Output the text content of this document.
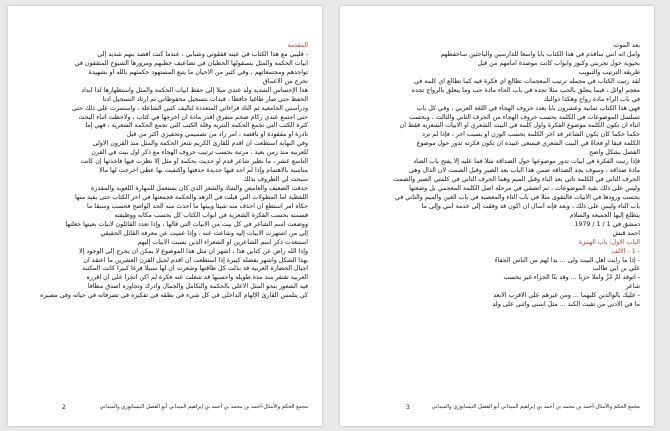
المقدمة
- قليبي مع هذا الكتاب في عينه قفقوتي وشبابي ، عندما كنت أقصد بنهم شديد إلى
أبيات الحكمة والمثل بسبقولها الحظيان في تضاعيف خطبهم ومرورها الشيوخ المتقفون في
تواجدهم ومجتمعاتهم ، وفي كثير من الأحيان ما يتبع المستهود حكمتهم بالله أو بشهيدة
تخرج من الأعماق
هذا الإحساس الشديد ولد عندي ميلاً إلى حفظ أبيات الحكمة والمثل واستظهارها لدا ابداد
الحفظ حتى صار طاغياً حافظاً ، فبدأت بتسجيل محفوظاتي ثم ارتاد التسجيل أدتا
ودراستي الجامعية ثم ألتاد قراءاتي المتعددة لتأليف كتبي الشاعلة ، واستمرت على ذلك حتى
حتى اجتمع عندي ركام ضخم متفرق أقدر مادة أن أخرجها في كتاب ، ولاحظت أثناء البحث
كثرة الكتب التي تجمع الحكمة النثرية وقلة الكتب التي تجمع الحكمة الشعرية ، فهي إما
نادرة أو مفقودة أو ناقصة ، أمر زاد من تصميمي وتحفيزي أكثر من قبل
وفي النهاية استطعت أن أقدم للقارئ الكريم شعر الحكمة والمثل منذ القرون الأولى
للعربية منذ زمن بعيد ، مرتبة بحسب ترتيب حروف الهجاء مع ذكر أول بيت في القرن
التاسع عشر ، ما نظير شاعر قدم أو حديث بحكمة أو مثل إلا نظرت فيها فأخذتها إن كانت
مناسبة بالاهتمام وإذا لم أجد فيها جديدة حذفتها واكتفيت بها عطي أخرجت لها مالا
سبحت لي الظروف بذلك
حذفت الضعيف والغامض والشاذ والشعر الذي كان يستعمل للمهارة اللغوية والمقدرة
اللفظية أما المطولات التي قيلت في الزهد والحكمة فجمعتها في آخر الكتاب حتى يفيد منها
حكاه أمر أستطع أن أحذف منه شيئاً وبيتها ما أحدث منه الحد الواضح فحسب وسبقا ما
قسمته بحسب الفكرة الشعرية في أبواب الكتاب كل بحسب مكانه ووظيفته
ووضعت اسم الشاعر في كل بيت من الأبيات التي قالها ، وإذا تعدد القائلون لأبيات بعينها جعلتها
إلى من اشتهرت الأبيات إليه وشاعت عنه ، وإذا عميت عن معرفة القائل الحقيقي
استبعدت ذكر اسم الشاعرين أو الشعراء الذين نسبت الأبيات إليهم
وإذا الله راض عن كتابي هذا ، أشهر أن مثل هذا الموضوع لا يمكن أن يخرج إلى الوجود إلا
بهذا الشكل وأشهر بفضله كبيرة إذا استطعت أن أقدم لجيل القرن العشرين ما أعتقد أن
أجيال الحضارة العربية قد بذلت كل طاقتها وشعرت أن لها سبيلاً فرغاً كبيراً كانت المكتبة
العربية تفتقر منذ مدة طويلة وأحسبها قد شغلت عنه فكرة لم أكن أتجرأ على أن أقرره
فيه الشعور بنحو المثل الأعلى بالحكمة والتكامل والجمال وأدرك وتجاوزه أصدق مطافاً
كي يتلمس القارئ الإلهام الداخلي في كل شيء في بطقه في تفكيره في تصرفاته في حياته وفي مصيره
2	مجمع الحكم والأمثال-أحمد بن محمد بن أحمد بن إبراهيم الميداني أبو الفضل النيسابوري والميداني
بعد الموت
وأمل أنه أنني سأقدم في هذا الكتاب بابا واسعا للدارسين والباحثين سأحفظهم
بحيوية حول تجربتي وكنوز وأبواب كانت موصدة أمامهم من قبل
طريقة الترتيب والتبويب
لقد رتبت الكتاب في مجمله ترتيب المعجمات تطالع أي فكرة فيه كما تطالع أي كلمة في
معجم أوائل ، فيما يتعلق بالحب مثلا تجده في باب الحاء مادة حب وما يتعلق بالرواج تجده
في باب الراء مادة زواج وهكذا دواليك
فهي هذا الكتاب ثمانية وعشرون باباً بعدد حروف الهجاء في اللغة العربي ، وفي كل باب
تسلسل الموضوعات في الكلمة بحسب حروف الهجاء من الحرف الثاني والثالث ، وبحسب
أثناء أن تكون الكلمة موضوع الفكرة وأول كلمة في البيت الشعري أو الأبيات الشعرية فقط أن
حكماً حكماً كأن تكون الشاعر قد أخر الكلمة بحسب الوزن أو بسبب آخر ، فإذا لم ترد
الكلمة فيقاً أو فجأةً في البيت الشعري فيسعى عبيده أن تكون فكرته تدور حول موضوع
الفصل بشكل واضح
فإذا رتبت الفكرة في أبيات تدور موضوعها حول الصداقة مثلاً فما عليه إلا يفتح باب الصاد
مادة صداقة ، وسوف يجد الصداقة ضمن هذا الباب بعد الصبر وقبل الصمت لأن الدال وهي
الحرف الثاني في الكلمة تأتي بعد الباء وقبل الميم وهما الحرف الثاني في كلمتي الصبر والصمت
وليس على ذلك بقية الموضوعات ، ثم أتصفي في مرحلة أصل الكلمة المعجمي بل وضعتها
بحسب ورودها في الأبيات فالتقوى مثلا في باب التاء والمعصية في باب العين والميم والتأني في
باب التاء وليس على ذلك ، وبعد فإنه أسأل أن أكون قد وفقت إلى خدمة أبني وإلى ما
يتطلع إليها الجميعة والسلام
دمشق في 1 / 1 / 1979
أحمد قبش
الباب الأول: باب الهمزة
- 1 - الألف
- إذا ما رأيت أهل البيت ولّى ... بدا لهم من الناس الجفاءُ
علي بن أبي طالب
- أتوقد أمَّ حُزّ وأملأ حزباً ... وقد بنّا الجزاء غير يحسب
شاعر
- عليك بالوالدين كليهما ... ومن غيرهم على الأقرب الأبعد
ما في الأدنى من تقيت الكبد ... مثلُ أسنى وأثنى على ولد
3	مجمع الحكم والأمثال-أحمد بن محمد بن أحمد بن إبراهيم الميداني أبو الفضل النيسابوري والميداني
